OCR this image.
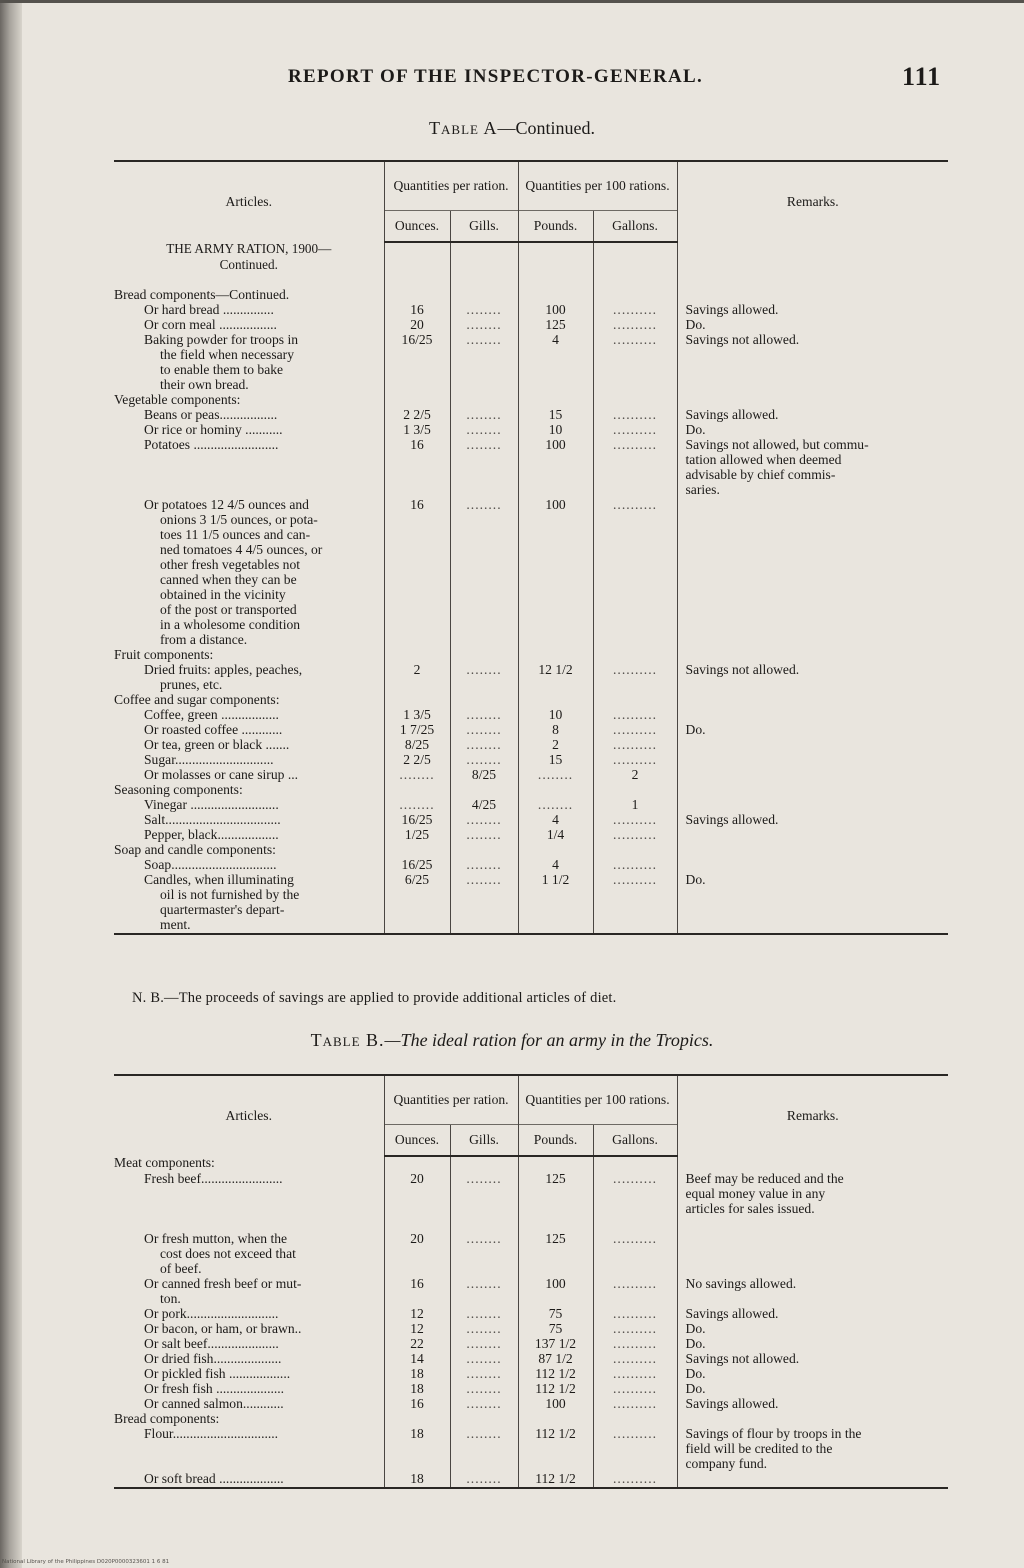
REPORT OF THE INSPECTOR-GENERAL.	111
Table A—Continued.
Articles.	Quantities per ration.		Quantities per 100 rations.		Remarks.
	Ounces.	Gills.	Pounds.	Gallons.	
THE ARMY RATION, 1900—					
Continued.					

Bread components—Continued.					
Or hard bread ...............	16	........	100	..........	Savings allowed.
Or corn meal .................	20	........	125	..........	Do.
Baking powder for troops in	16/25	........	4	..........	Savings not allowed.
the field when necessary					
to enable them to bake					
their own bread.					
Vegetable components:					
Beans or peas.................	2 2/5	........	15	..........	Savings allowed.
Or rice or hominy ...........	1 3/5	........	10	..........	Do.
Potatoes .........................	16	........	100	..........	Savings not allowed, but commu-
					tation allowed when deemed
					advisable by chief commis-
					saries.
Or potatoes 12 4/5 ounces and	16	........	100	..........	
onions 3 1/5 ounces, or pota-					
toes 11 1/5 ounces and can-					
ned tomatoes 4 4/5 ounces, or					
other fresh vegetables not					
canned when they can be					
obtained in the vicinity					
of the post or transported					
in a wholesome condition					
from a distance.					
Fruit components:					
Dried fruits: apples, peaches,	2	........	12 1/2	..........	Savings not allowed.
prunes, etc.					
Coffee and sugar components:					
Coffee, green .................	1 3/5	........	10	..........	
Or roasted coffee ............	1 7/25	........	8	..........	Do.
Or tea, green or black .......	8/25	........	2	..........	
Sugar.............................	2 2/5	........	15	..........	
Or molasses or cane sirup ...	........	8/25	........	2	
Seasoning components:					
Vinegar ..........................	........	4/25	........	1	
Salt..................................	16/25	........	4	..........	Savings allowed.
Pepper, black..................	1/25	........	1/4	..........	
Soap and candle components:					
Soap...............................	16/25	........	4	..........	
Candles, when illuminating	6/25	........	1 1/2	..........	Do.
oil is not furnished by the					
quartermaster's depart-					
ment.					
N. B.—The proceeds of savings are applied to provide additional articles of diet.
Table B.—The ideal ration for an army in the Tropics.
Articles.	Quantities per ration.		Quantities per 100 rations.		Remarks.
	Ounces.	Gills.	Pounds.	Gallons.	
Meat components:					
Fresh beef........................	20	........	125	..........	Beef may be reduced and the
					equal money value in any
					articles for sales issued.

Or fresh mutton, when the	20	........	125	..........	
cost does not exceed that					
of beef.					
Or canned fresh beef or mut-	16	........	100	..........	No savings allowed.
ton.					
Or pork...........................	12	........	75	..........	Savings allowed.
Or bacon, or ham, or brawn..	12	........	75	..........	Do.
Or salt beef.....................	22	........	137 1/2	..........	Do.
Or dried fish....................	14	........	87 1/2	..........	Savings not allowed.
Or pickled fish ..................	18	........	112 1/2	..........	Do.
Or fresh fish ....................	18	........	112 1/2	..........	Do.
Or canned salmon............	16	........	100	..........	Savings allowed.
Bread components:					
Flour...............................	18	........	112 1/2	..........	Savings of flour by troops in the
					field will be credited to the
					company fund.
Or soft bread ...................	18	........	112 1/2	..........	
National Library of the Philippines D020P0000323601 1 6 81
